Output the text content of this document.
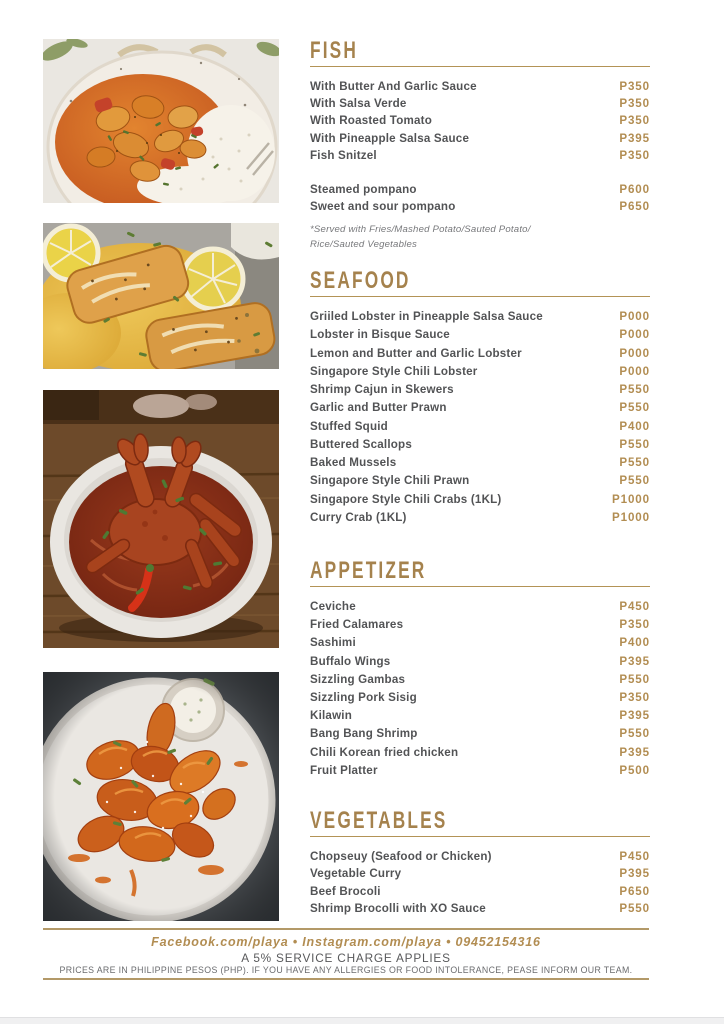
FISH
With Butter And Garlic Sauce	P350
With Salsa Verde	P350
With Roasted Tomato	P350
With Pineapple Salsa Sauce	P395
Fish Snitzel	P350
Steamed pompano	P600
Sweet and sour pompano	P650
*Served with Fries/Mashed Potato/Sauted Potato/
Rice/Sauted Vegetables
SEAFOOD
Griiled Lobster in Pineapple Salsa Sauce	P000
Lobster in Bisque Sauce	P000
Lemon and Butter and Garlic Lobster	P000
Singapore Style Chili Lobster	P000
Shrimp Cajun in Skewers	P550
Garlic and Butter Prawn	P550
Stuffed Squid	P400
Buttered Scallops	P550
Baked Mussels	P550
Singapore Style Chili Prawn	P550
Singapore Style Chili Crabs (1KL)	P1000
Curry Crab (1KL)	P1000
APPETIZER
Ceviche	P450
Fried Calamares	P350
Sashimi	P400
Buffalo Wings	P395
Sizzling Gambas	P550
Sizzling Pork Sisig	P350
Kilawin	P395
Bang Bang Shrimp	P550
Chili Korean fried chicken	P395
Fruit Platter	P500
VEGETABLES
Chopseuy (Seafood or Chicken)	P450
Vegetable Curry	P395
Beef Brocoli	P650
Shrimp Brocolli with XO Sauce	P550
Facebook.com/playa • Instagram.com/playa • 09452154316
A 5% SERVICE CHARGE APPLIES
PRICES ARE IN PHILIPPINE PESOS (PHP). IF YOU HAVE ANY ALLERGIES OR FOOD INTOLERANCE, PEASE INFORM OUR TEAM.
